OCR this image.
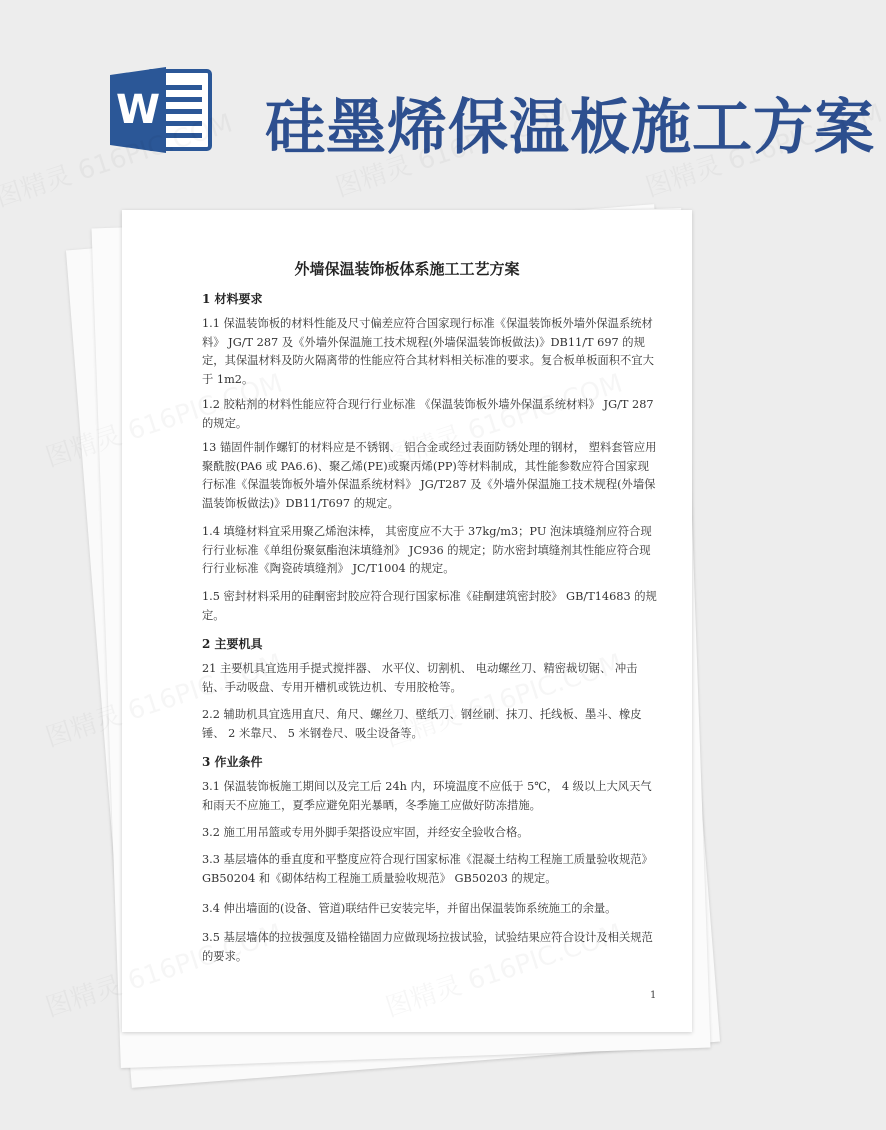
W 硅墨烯保温板施工方案
外墙保温装饰板体系施工工艺方案
1 材料要求
1.1 保温装饰板的材料性能及尺寸偏差应符合国家现行标准《保温装饰板外墙外保温系统材料》 JG/T 287 及《外墙外保温施工技术规程(外墙保温装饰板做法)》DB11/T 697 的规定，其保温材料及防火隔离带的性能应符合其材料相关标准的要求。复合板单板面积不宜大于 1m2。
1.2 胶粘剂的材料性能应符合现行行业标准 《保温装饰板外墙外保温系统材料》 JG/T 287 的规定。
13 锚固件制作螺钉的材料应是不锈钢、 铝合金或经过表面防锈处理的钢材， 塑料套管应用聚酰胺(PA6 或 PA6.6)、聚乙烯(PE)或聚丙烯(PP)等材料制成，其性能参数应符合国家现行标准《保温装饰板外墙外保温系统材料》 JG/T287 及《外墙外保温施工技术规程(外墙保温装饰板做法)》DB11/T697 的规定。
1.4 填缝材料宜采用聚乙烯泡沫棒， 其密度应不大于 37kg/m3；PU 泡沫填缝剂应符合现行行业标准《单组份聚氨酯泡沫填缝剂》 JC936 的规定；防水密封填缝剂其性能应符合现行行业标准《陶瓷砖填缝剂》 JC/T1004 的规定。
1.5 密封材料采用的硅酮密封胶应符合现行国家标准《硅酮建筑密封胶》 GB/T14683 的规定。
2 主要机具
21 主要机具宜选用手提式搅拌器、 水平仪、切割机、 电动螺丝刀、精密裁切锯、 冲击钻、手动吸盘、专用开槽机或铣边机、专用胶枪等。
2.2 辅助机具宜选用直尺、角尺、螺丝刀、壁纸刀、钢丝刷、抹刀、托线板、墨斗、橡皮锤、 2 米靠尺、 5 米钢卷尺、吸尘设备等。
3 作业条件
3.1 保温装饰板施工期间以及完工后 24h 内，环境温度不应低于 5℃， 4 级以上大风天气和雨天不应施工，夏季应避免阳光暴晒，冬季施工应做好防冻措施。
3.2 施工用吊篮或专用外脚手架搭设应牢固，并经安全验收合格。
3.3 基层墙体的垂直度和平整度应符合现行国家标准《混凝土结构工程施工质量验收规范》 GB50204 和《砌体结构工程施工质量验收规范》 GB50203 的规定。
3.4 伸出墙面的(设备、管道)联结件已安装完毕，并留出保温装饰系统施工的余量。
3.5 基层墙体的拉拔强度及锚栓锚固力应做现场拉拔试验，试验结果应符合设计及相关规范的要求。
1
